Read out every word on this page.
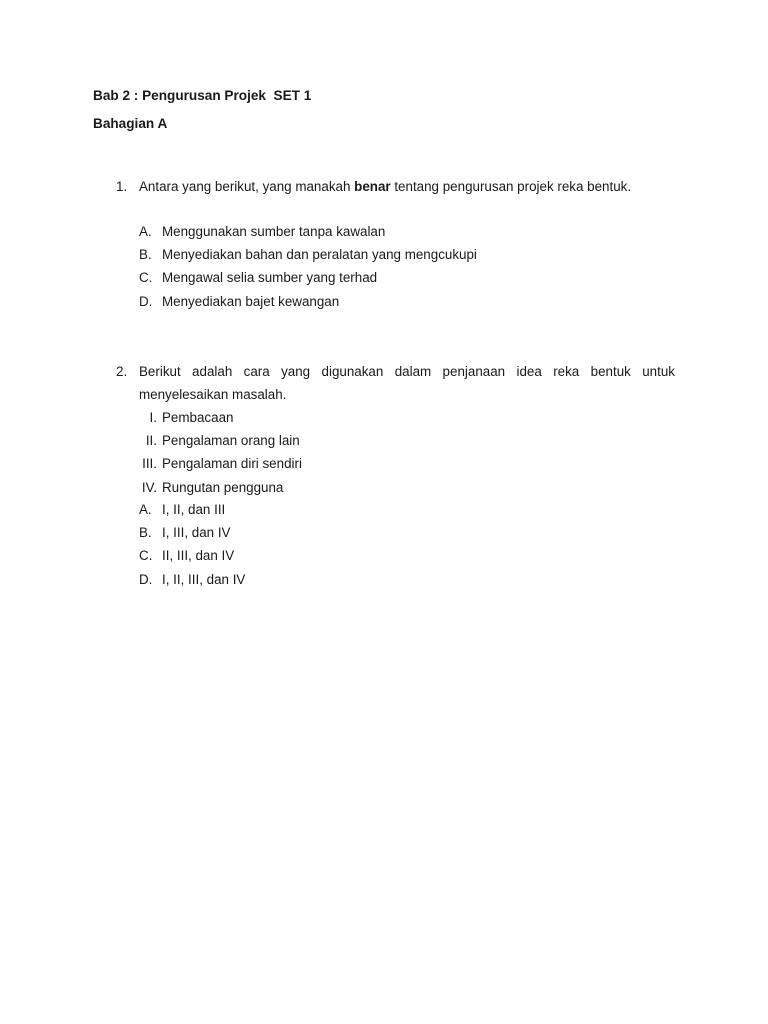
Bab 2 : Pengurusan Projek  SET 1
Bahagian A
1. Antara yang berikut, yang manakah benar tentang pengurusan projek reka bentuk.
A. Menggunakan sumber tanpa kawalan
B. Menyediakan bahan dan peralatan yang mengcukupi
C. Mengawal selia sumber yang terhad
D. Menyediakan bajet kewangan
2. Berikut adalah cara yang digunakan dalam penjanaan idea reka bentuk untuk
menyelesaikan masalah.
I. Pembacaan
II. Pengalaman orang lain
III. Pengalaman diri sendiri
IV. Rungutan pengguna
A. I, II, dan III
B. I, III, dan IV
C. II, III, dan IV
D. I, II, III, dan IV
